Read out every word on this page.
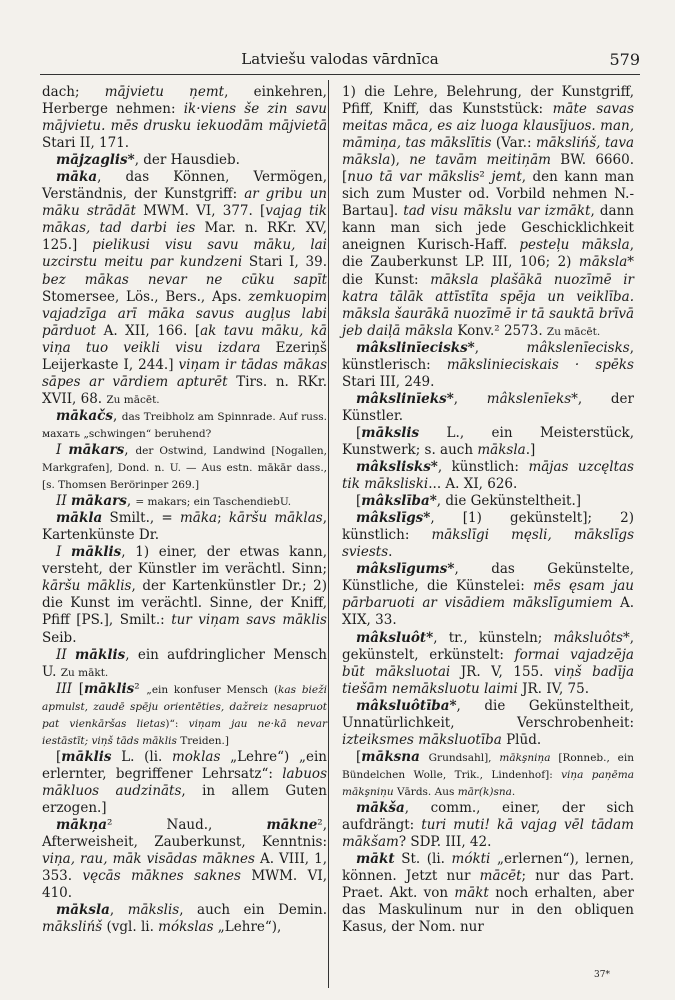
Latviešu valodas vārdnīca	579

dach; mājvietu ņemt, einkehren, Herberge nehmen: ik·viens še zin savu mājvietu. mēs drusku iekuodām mājvietā Stari II, 171.

mājzaglis*, der Hausdieb.

māka, das Können, Vermögen, Verständnis, der Kunstgriff: ar gribu un māku strādāt MWM. VI, 377. [vajag tik mākas, tad darbi ies Mar. n. RKr. XV, 125.] pielikusi visu savu māku, lai uzcirstu meitu par kundzeni Stari I, 39. bez mākas nevar ne cūku sapīt Stomersee, Lös., Bers., Aps. zemkuopim vajadzīga arī māka savus augļus labi pārduot A. XII, 166. [ak tavu māku, kā viņa tuo veikli visu izdara Ezeriņš Leijerkaste I, 244.] viņam ir tādas mākas sāpes ar vārdiem apturēt Tirs. n. RKr. XVII, 68. Zu mācēt.

mākačs, das Treibholz am Spinnrade. Auf russ. махать „schwingen“ beruhend?

I mākars, der Ostwind, Landwind [Nogallen, Markgrafen], Dond. n. U. — Aus estn. mākār dass., [s. Thomsen Berörinper 269.]

II mākars, = makars; ein TaschendiebU.

mākla Smilt., = māka; kāršu māklas, Kartenkünste Dr.

I māklis, 1) einer, der etwas kann, versteht, der Künstler im verächtl. Sinn; kāršu māklis, der Kartenkünstler Dr.; 2) die Kunst im verächtl. Sinne, der Kniff, Pfiff [PS.], Smilt.: tur viņam savs māklis Seib.

II māklis, ein aufdringlicher Mensch U. Zu mākt.

III [māklis² „ein konfuser Mensch (kas bieži apmulst, zaudē spēju orientēties, dažreiz nesapruot pat vienkāršas lietas)“: viņam jau ne·kā nevar iestāstīt; viņš tāds māklis Treiden.]

[māklis L. (li. moklas „Lehre“) „ein erlernter, begriffener Lehrsatz“: labuos mākluos audzināts, in allem Guten erzogen.]

mākņa² Naud., mākne², Afterweisheit, Zauberkunst, Kenntnis: viņa, rau, māk visādas māknes A. VIII, 1, 353. vęcās māknes saknes MWM. VI, 410.

mākslа, mākslis, auch ein Demin. mākslińš (vgl. li. mókslas „Lehre“),

1) die Lehre, Belehrung, der Kunstgriff, Pfiff, Kniff, das Kunststück: māte savas meitas māca, es aiz luoga klausījuos. man, māmiņa, tas mākslītis (Var.: mākslińš, tava māksla), ne tavām meitiņām BW. 6660. [nuo tā var mākslis² jemt, den kann man sich zum Muster od. Vorbild nehmen N.-Bartau]. tad visu mākslu var izmākt, dann kann man sich jede Geschicklichkeit aneignen Kurisch-Haff. pesteļu māksla, die Zauberkunst LP. III, 106; 2) māksla* die Kunst: māksla plašākā nuozīmē ir katra tālāk attīstīta spēja un veiklība. māksla šaurākā nuozīmē ir tā sauktā brīvā jeb daiļā māksla Konv.² 2573. Zu mācēt.

mâkslinīecisks*, mâkslenīecisks, künstlerisch: mākslinieciskais · spēks Stari III, 249.

mâkslinīeks*, mâkslenīeks*, der Künstler.

[mākslis L., ein Meisterstück, Kunstwerk; s. auch māksla.]

mâkslisks*, künstlich: mājas uzcęltas tik māksliski... A. XI, 626.

[mâkslība*, die Gekünsteltheit.]

mâkslīgs*, [1) gekünstelt]; 2) künstlich: mākslīgi męsli, mākslīgs sviests.

mâkslīgums*, das Gekünstelte, Künstliche, die Künstelei: mēs ęsam jau pārbaruoti ar visādiem mākslīgumiem A. XIX, 33.

mâksluôt*, tr., künsteln; mâksluôts*, gekünstelt, erkünstelt: formai vajadzēja būt māksluotai JR. V, 155. viņš badīja tiešām nemāksluotu laimi JR. IV, 75.

mâksluôtība*, die Gekünsteltheit, Unnatürlichkeit, Verschrobenheit: izteiksmes māksluotība Plūd.

[māksna Grundsahl], mākşniņa [Ronneb., ein Bündelchen Wolle, Trik., Lindenhof]: viņa paņēma mākşniņu Vārds. Aus mār(k)sna.

mākša, comm., einer, der sich aufdrängt: turi muti! kā vajag vēl tādam mākšam? SDP. III, 42.

mākt St. (li. mókti „erlernen“), lernen, können. Jetzt nur mācēt; nur das Part. Praet. Akt. von mākt noch erhalten, aber das Maskulinum nur in den obliquen Kasus, der Nom. nur

37*
